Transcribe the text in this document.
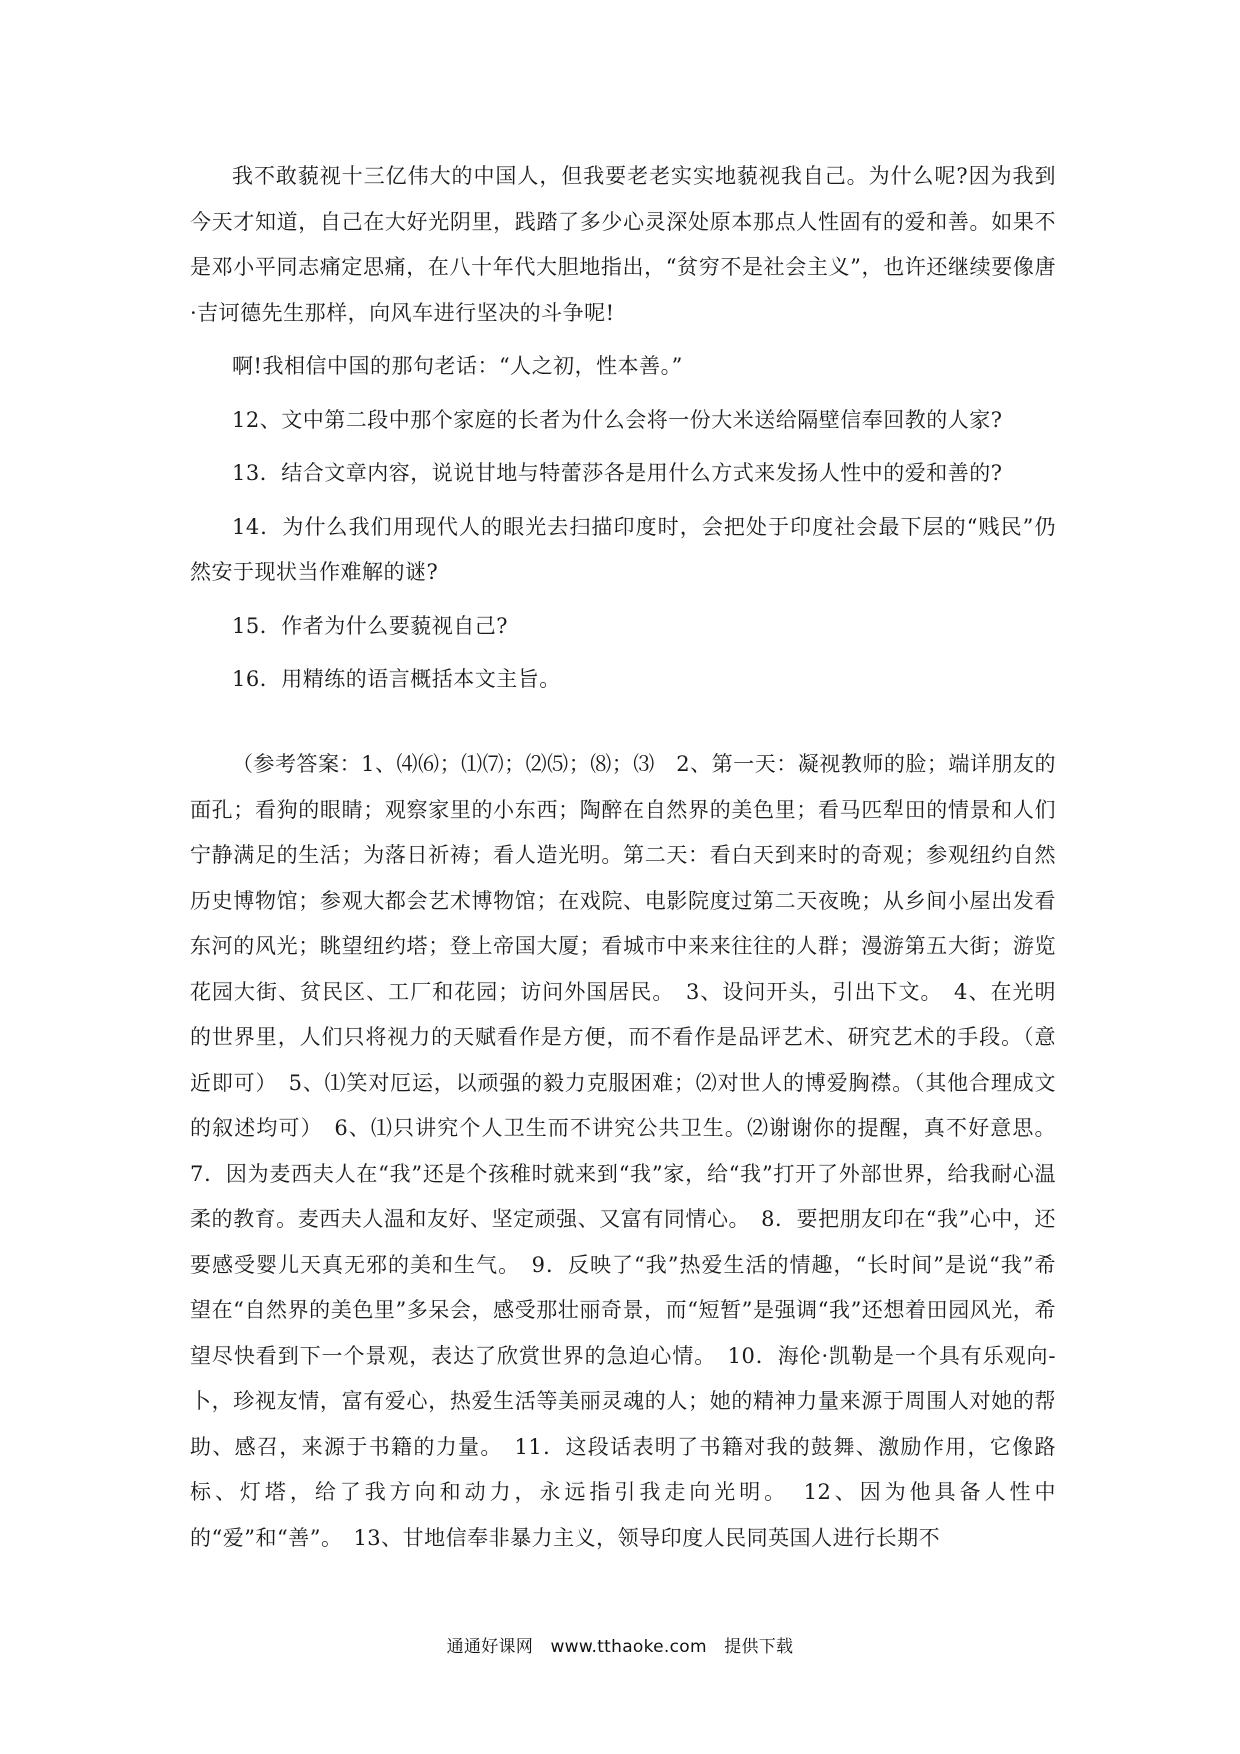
我不敢藐视十三亿伟大的中国人，但我要老老实实地藐视我自己。为什么呢?因为我到今天才知道，自己在大好光阴里，践踏了多少心灵深处原本那点人性固有的爱和善。如果不是邓小平同志痛定思痛，在八十年代大胆地指出，“贫穷不是社会主义”，也许还继续要像唐·吉诃德先生那样，向风车进行坚决的斗争呢!

啊!我相信中国的那句老话：“人之初，性本善。”

12、文中第二段中那个家庭的长者为什么会将一份大米送给隔壁信奉回教的人家?

13．结合文章内容，说说甘地与特蕾莎各是用什么方式来发扬人性中的爱和善的?

14．为什么我们用现代人的眼光去扫描印度时，会把处于印度社会最下层的“贱民”仍然安于现状当作难解的谜?

15．作者为什么要藐视自己?

16．用精练的语言概括本文主旨。

（参考答案：1、⑷⑹；⑴⑺；⑵⑸；⑻；⑶　2、第一天：凝视教师的脸；端详朋友的面孔；看狗的眼睛；观察家里的小东西；陶醉在自然界的美色里；看马匹犁田的情景和人们宁静满足的生活；为落日祈祷；看人造光明。第二天：看白天到来时的奇观；参观纽约自然历史博物馆；参观大都会艺术博物馆；在戏院、电影院度过第二天夜晚；从乡间小屋出发看东河的风光；眺望纽约塔；登上帝国大厦；看城市中来来往往的人群；漫游第五大街；游览花园大街、贫民区、工厂和花园；访问外国居民。　3、设问开头，引出下文。　4、在光明的世界里，人们只将视力的天赋看作是方便，而不看作是品评艺术、研究艺术的手段。（意近即可）　5、⑴笑对厄运，以顽强的毅力克服困难；⑵对世人的博爱胸襟。（其他合理成文的叙述均可）　6、⑴只讲究个人卫生而不讲究公共卫生。⑵谢谢你的提醒，真不好意思。7．因为麦西夫人在“我”还是个孩稚时就来到“我”家，给“我”打开了外部世界，给我耐心温柔的教育。麦西夫人温和友好、坚定顽强、又富有同情心。　8．要把朋友印在“我”心中，还要感受婴儿天真无邪的美和生气。　9．反映了“我”热爱生活的情趣，“长时间”是说“我”希望在“自然界的美色里”多呆会，感受那壮丽奇景，而“短暂”是强调“我”还想着田园风光，希望尽快看到下一个景观，表达了欣赏世界的急迫心情。　10．海伦·凯勒是一个具有乐观向-卜，珍视友情，富有爱心，热爱生活等美丽灵魂的人；她的精神力量来源于周围人对她的帮助、感召，来源于书籍的力量。　11．这段话表明了书籍对我的鼓舞、激励作用，它像路标、灯塔，给了我方向和动力，永远指引我走向光明。　12、因为他具备人性中的“爱”和“善”。　13、甘地信奉非暴力主义，领导印度人民同英国人进行长期不

通通好课网　www.tthaoke.com　提供下载
